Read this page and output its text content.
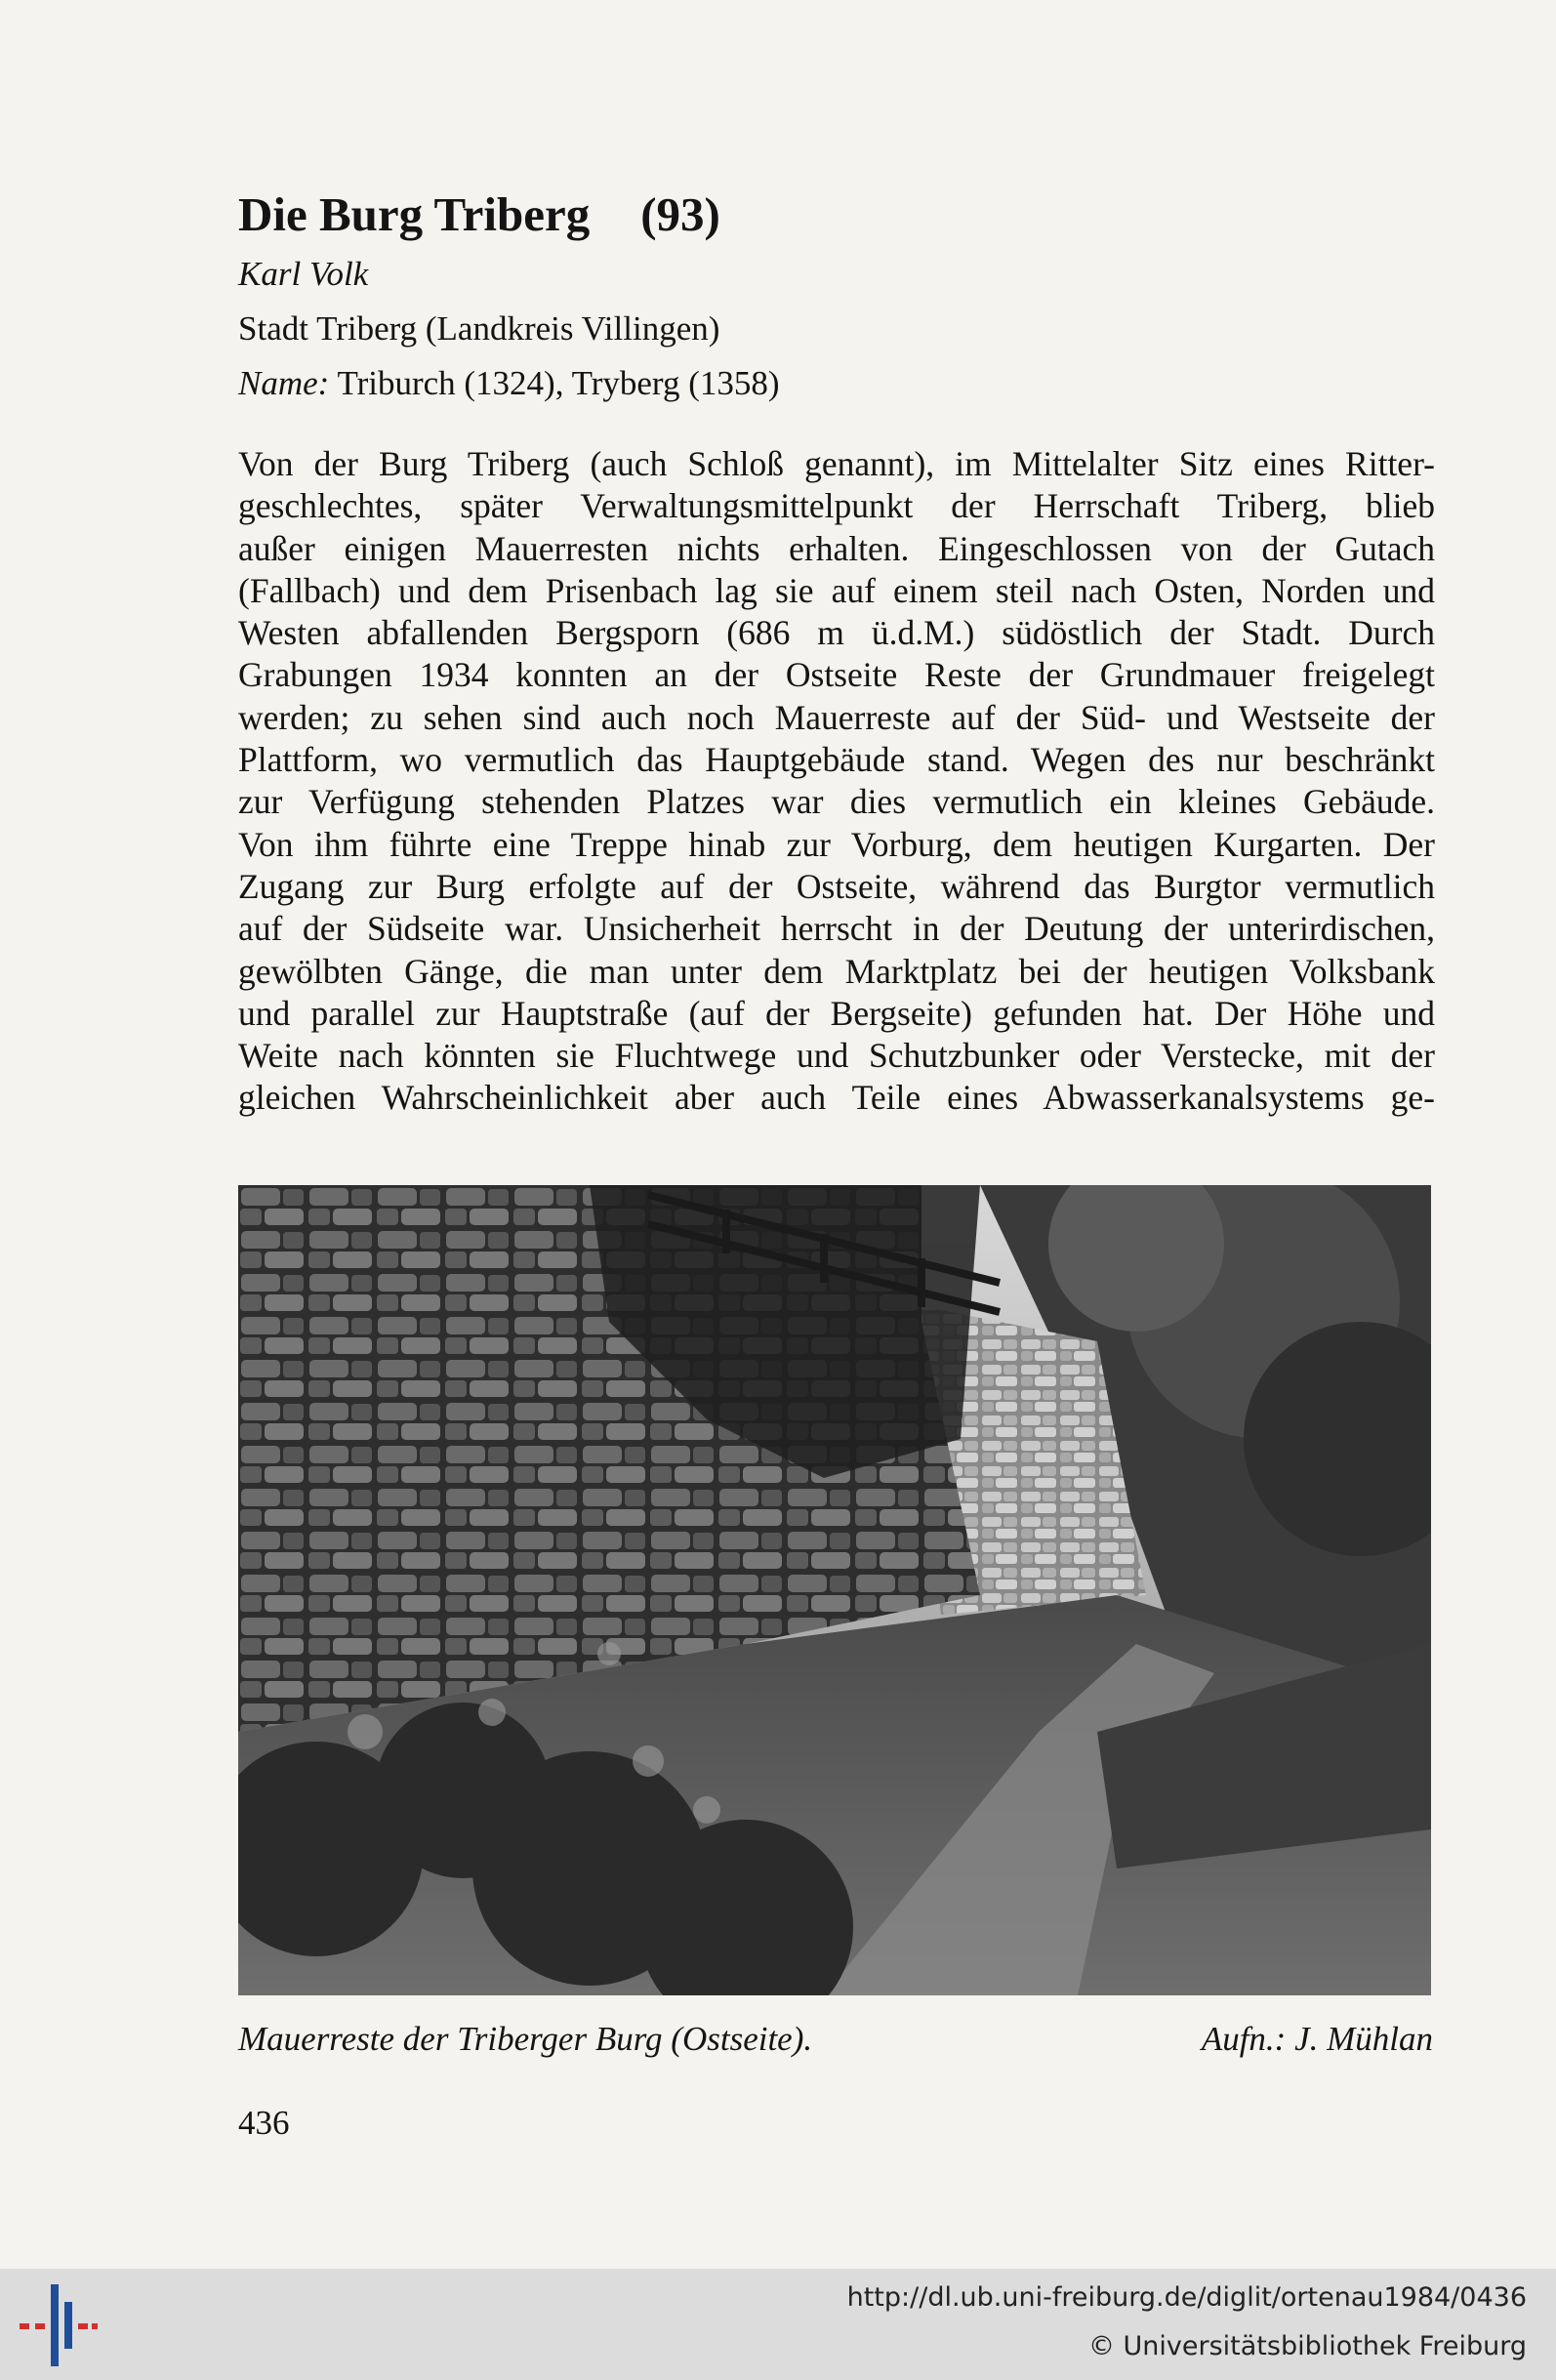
Die Burg Triberg (93)
Karl Volk
Stadt Triberg (Landkreis Villingen)
Name: Triburch (1324), Tryberg (1358)
Von der Burg Triberg (auch Schloß genannt), im Mittelalter Sitz eines Ritter-
geschlechtes, später Verwaltungsmittelpunkt der Herrschaft Triberg, blieb
außer einigen Mauerresten nichts erhalten. Eingeschlossen von der Gutach
(Fallbach) und dem Prisenbach lag sie auf einem steil nach Osten, Norden und
Westen abfallenden Bergsporn (686 m ü.d.M.) südöstlich der Stadt. Durch
Grabungen 1934 konnten an der Ostseite Reste der Grundmauer freigelegt
werden; zu sehen sind auch noch Mauerreste auf der Süd- und Westseite der
Plattform, wo vermutlich das Hauptgebäude stand. Wegen des nur beschränkt
zur Verfügung stehenden Platzes war dies vermutlich ein kleines Gebäude.
Von ihm führte eine Treppe hinab zur Vorburg, dem heutigen Kurgarten. Der
Zugang zur Burg erfolgte auf der Ostseite, während das Burgtor vermutlich
auf der Südseite war. Unsicherheit herrscht in der Deutung der unterirdischen,
gewölbten Gänge, die man unter dem Marktplatz bei der heutigen Volksbank
und parallel zur Hauptstraße (auf der Bergseite) gefunden hat. Der Höhe und
Weite nach könnten sie Fluchtwege und Schutzbunker oder Verstecke, mit der
gleichen Wahrscheinlichkeit aber auch Teile eines Abwasserkanalsystems ge-
Mauerreste der Triberger Burg (Ostseite).	Aufn.: J. Mühlan
436
http://dl.ub.uni-freiburg.de/diglit/ortenau1984/0436
© Universitätsbibliothek Freiburg
